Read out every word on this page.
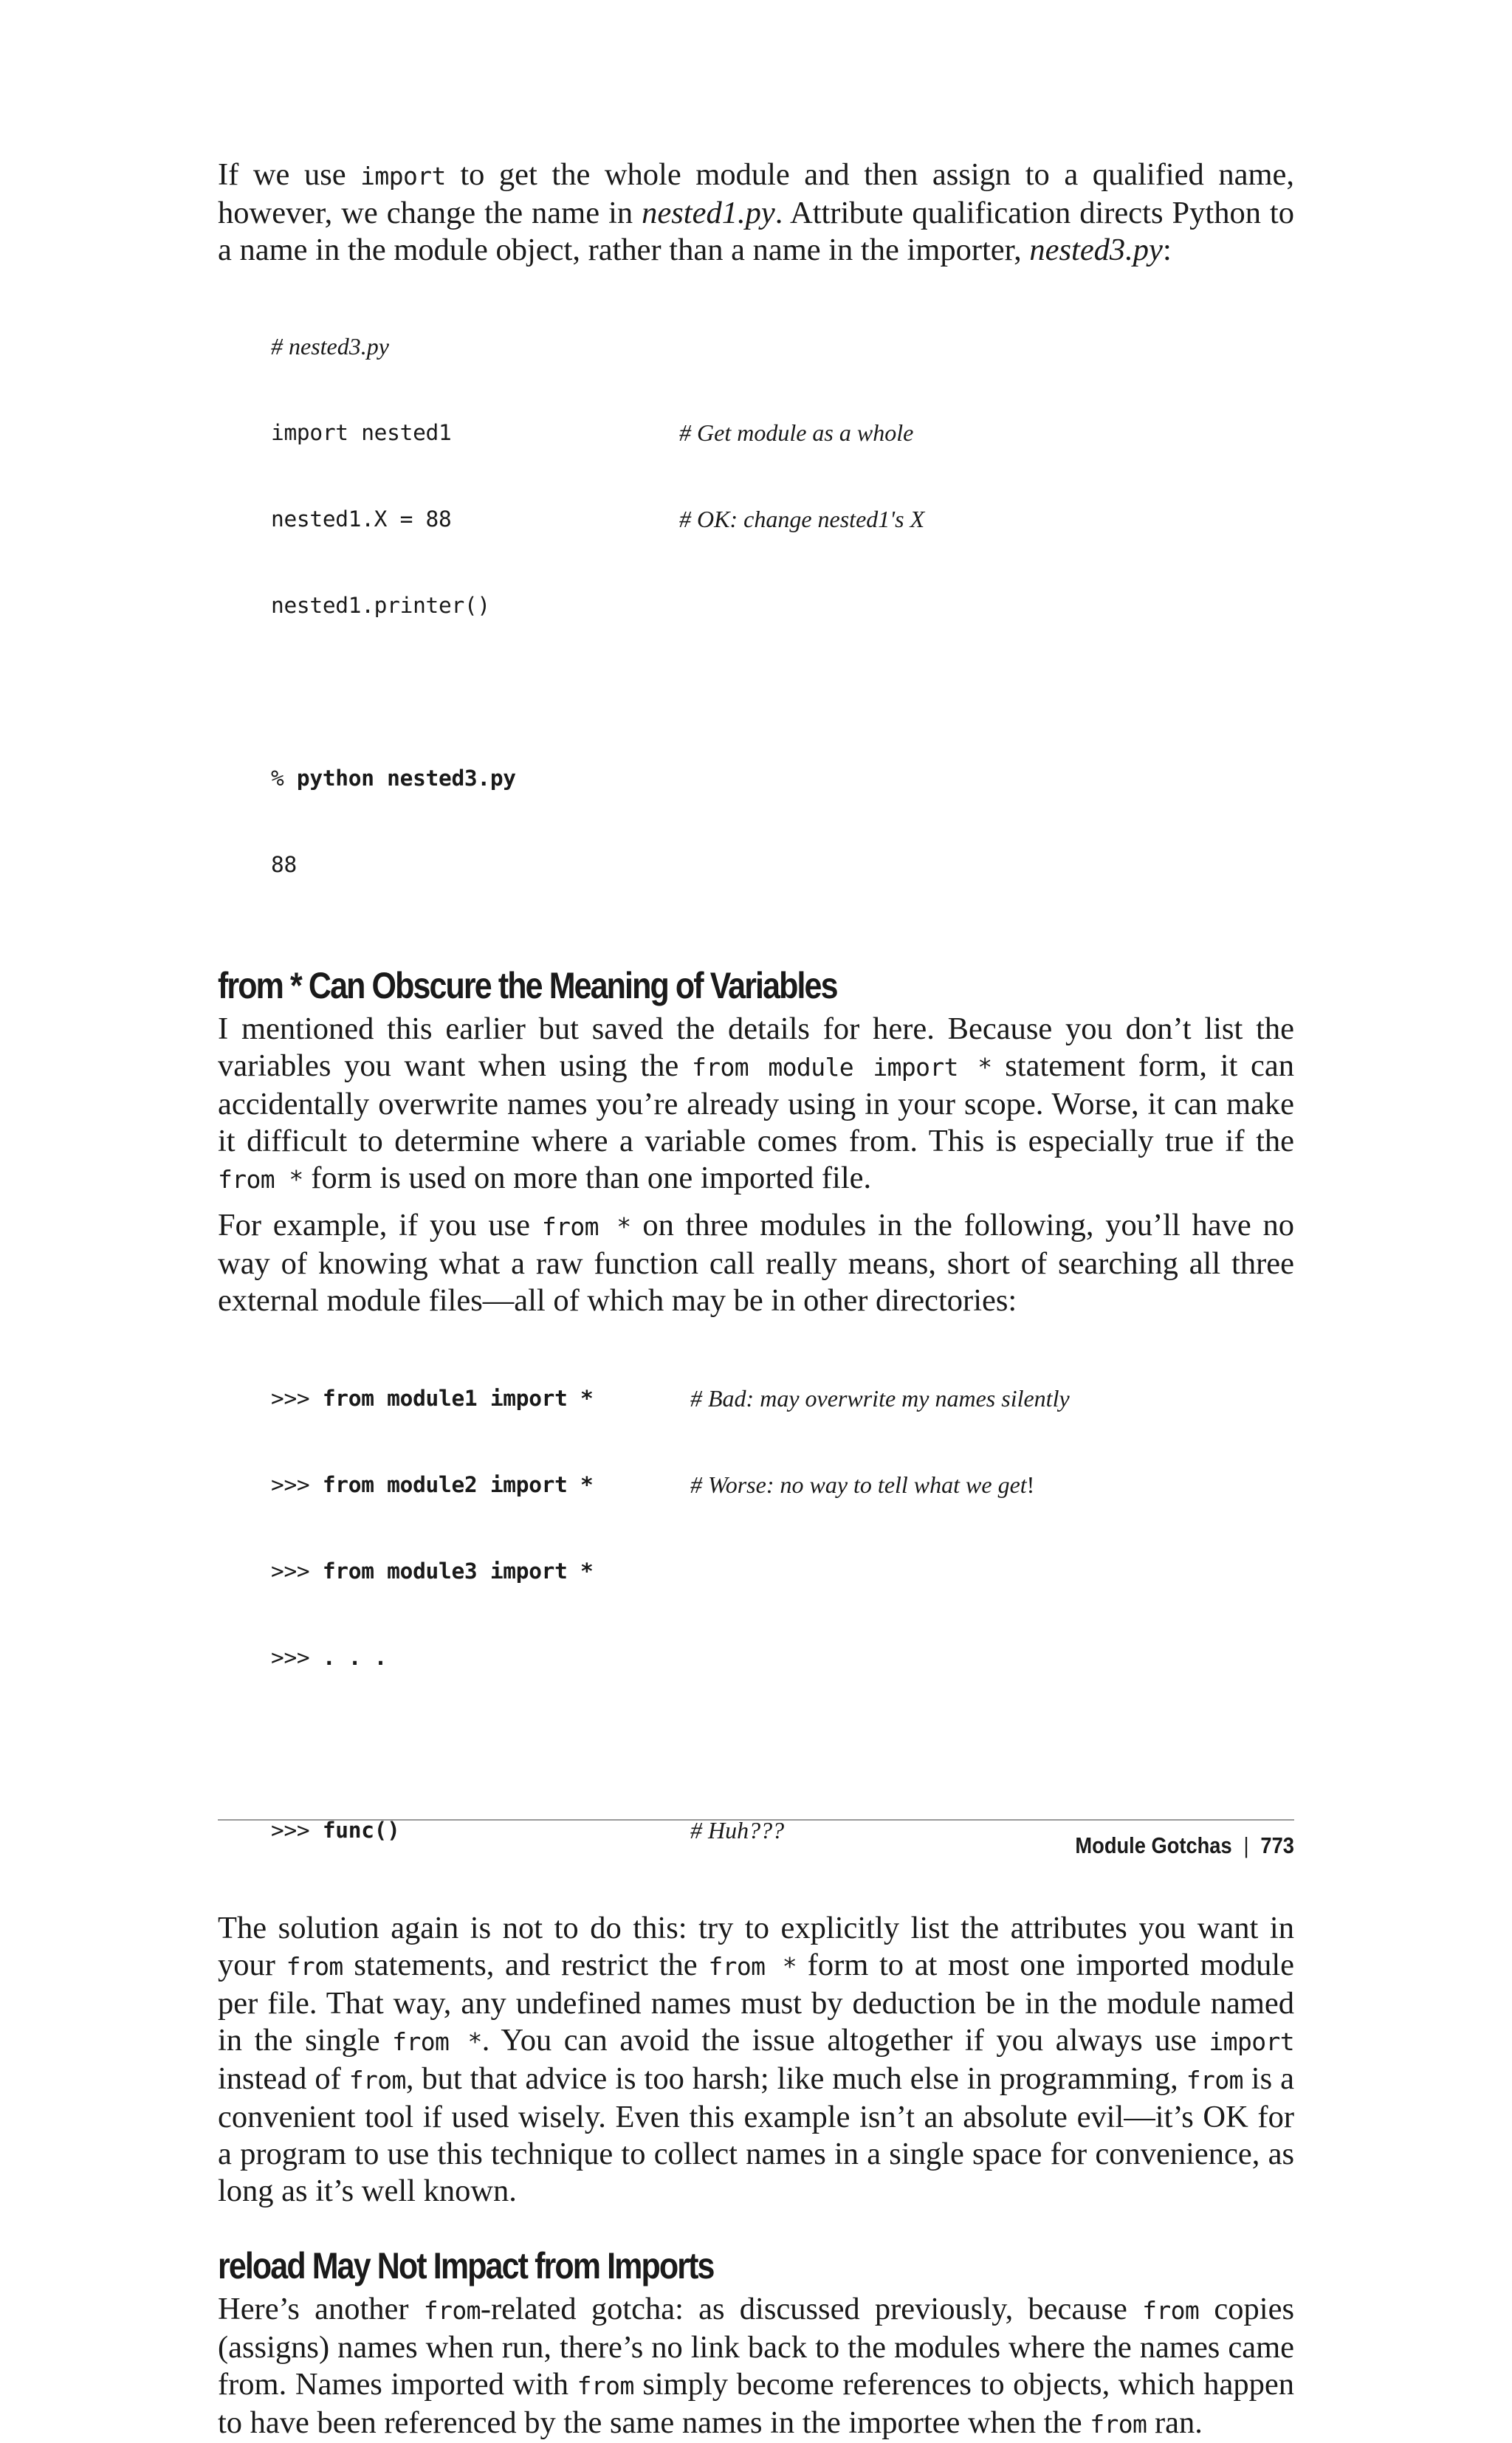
If we use import to get the whole module and then assign to a qualified name, however, we change the name in nested1.py. Attribute qualification directs Python to a name in the module object, rather than a name in the importer, nested3.py:

# nested3.py

import nested1	# Get module as a whole

nested1.X = 88	# OK: change nested1's X

nested1.printer()

% python nested3.py

88

from * Can Obscure the Meaning of Variables

I mentioned this earlier but saved the details for here. Because you don’t list the variables you want when using the from module import * statement form, it can accidentally overwrite names you’re already using in your scope. Worse, it can make it difficult to determine where a variable comes from. This is especially true if the from * form is used on more than one imported file.

For example, if you use from * on three modules in the following, you’ll have no way of knowing what a raw function call really means, short of searching all three external module files—all of which may be in other directories:

>>> from module1 import *	# Bad: may overwrite my names silently

>>> from module2 import *	# Worse: no way to tell what we get!

>>> from module3 import *

>>> . . .

>>> func()	# Huh???

The solution again is not to do this: try to explicitly list the attributes you want in your from statements, and restrict the from * form to at most one imported module per file. That way, any undefined names must by deduction be in the module named in the single from *. You can avoid the issue altogether if you always use import instead of from, but that advice is too harsh; like much else in programming, from is a convenient tool if used wisely. Even this example isn’t an absolute evil—it’s OK for a program to use this technique to collect names in a single space for convenience, as long as it’s well known.

reload May Not Impact from Imports

Here’s another from-related gotcha: as discussed previously, because from copies (assigns) names when run, there’s no link back to the modules where the names came from. Names imported with from simply become references to objects, which happen to have been referenced by the same names in the importee when the from ran.

Module Gotchas | 773
